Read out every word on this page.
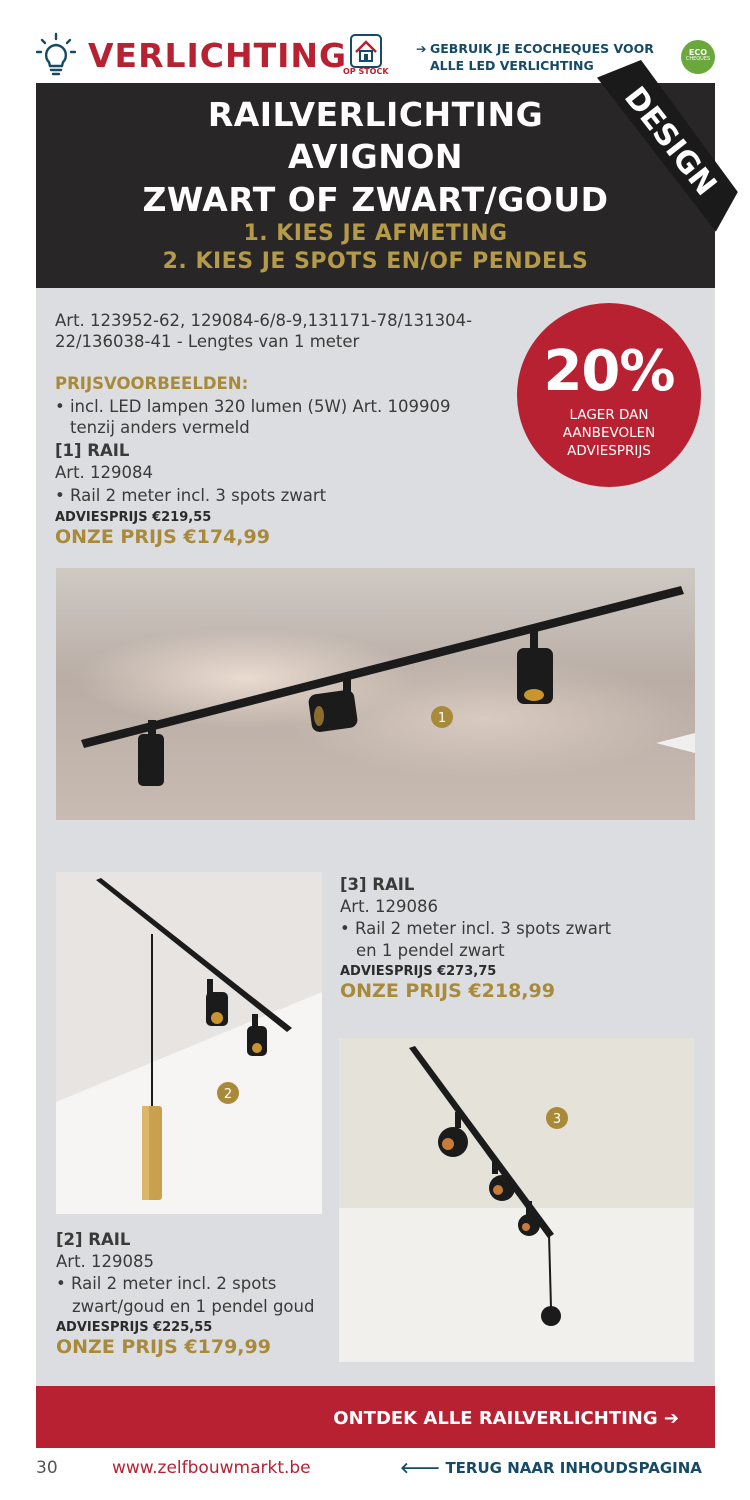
VERLICHTING
OP STOCK
➔ GEBRUIK JE ECOCHEQUES VOOR
ALLE LED VERLICHTING
ECO
CHEQUES
RAILVERLICHTING
AVIGNON
ZWART OF ZWART/GOUD
1. KIES JE AFMETING
2. KIES JE SPOTS EN/OF PENDELS
DESIGN
Art. 123952-62, 129084-6/8-9,131171-78/131304-
22/136038-41 - Lengtes van 1 meter
PRIJSVOORBEELDEN:
• incl. LED lampen 320 lumen (5W) Art. 109909
tenzij anders vermeld
[1] RAIL
Art. 129084
• Rail 2 meter incl. 3 spots zwart
ADVIESPRIJS €219,55
ONZE PRIJS €174,99
20%
LAGER DAN
AANBEVOLEN
ADVIESPRIJS
1
2
[3] RAIL
Art. 129086
• Rail 2 meter incl. 3 spots zwart
en 1 pendel zwart
ADVIESPRIJS €273,75
ONZE PRIJS €218,99
3
[2] RAIL
Art. 129085
• Rail 2 meter incl. 2 spots
zwart/goud en 1 pendel goud
ADVIESPRIJS €225,55
ONZE PRIJS €179,99
ONTDEK ALLE RAILVERLICHTING ➔
30	www.zelfbouwmarkt.be	🡐 TERUG NAAR INHOUDSPAGINA
